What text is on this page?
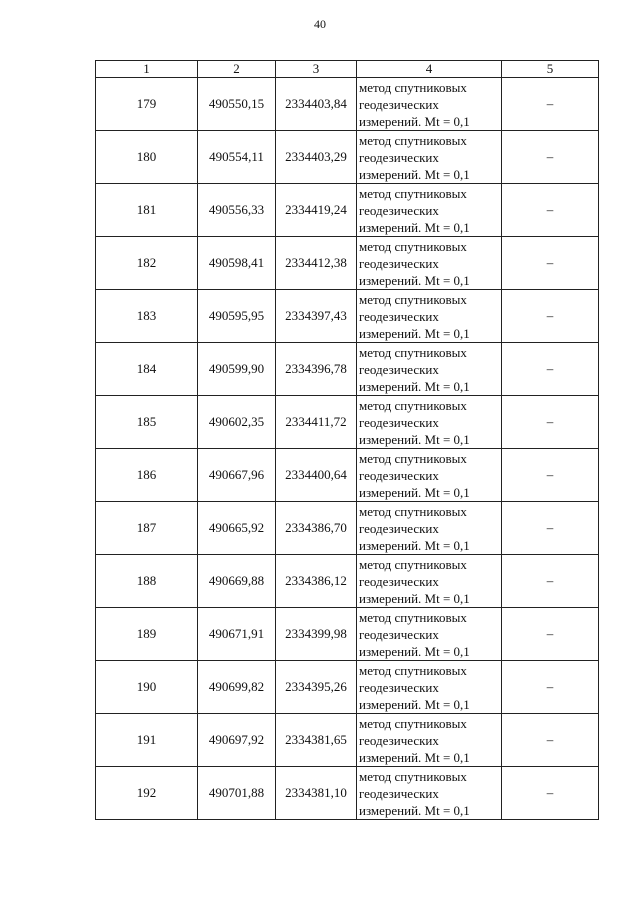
40
1	2	3	4	5
179	490550,15	2334403,84	метод спутниковых
геодезических
измерений. Mt = 0,1	–
180	490554,11	2334403,29	метод спутниковых
геодезических
измерений. Mt = 0,1	–
181	490556,33	2334419,24	метод спутниковых
геодезических
измерений. Mt = 0,1	–
182	490598,41	2334412,38	метод спутниковых
геодезических
измерений. Mt = 0,1	–
183	490595,95	2334397,43	метод спутниковых
геодезических
измерений. Mt = 0,1	–
184	490599,90	2334396,78	метод спутниковых
геодезических
измерений. Mt = 0,1	–
185	490602,35	2334411,72	метод спутниковых
геодезических
измерений. Mt = 0,1	–
186	490667,96	2334400,64	метод спутниковых
геодезических
измерений. Mt = 0,1	–
187	490665,92	2334386,70	метод спутниковых
геодезических
измерений. Mt = 0,1	–
188	490669,88	2334386,12	метод спутниковых
геодезических
измерений. Mt = 0,1	–
189	490671,91	2334399,98	метод спутниковых
геодезических
измерений. Mt = 0,1	–
190	490699,82	2334395,26	метод спутниковых
геодезических
измерений. Mt = 0,1	–
191	490697,92	2334381,65	метод спутниковых
геодезических
измерений. Mt = 0,1	–
192	490701,88	2334381,10	метод спутниковых
геодезических
измерений. Mt = 0,1	–
